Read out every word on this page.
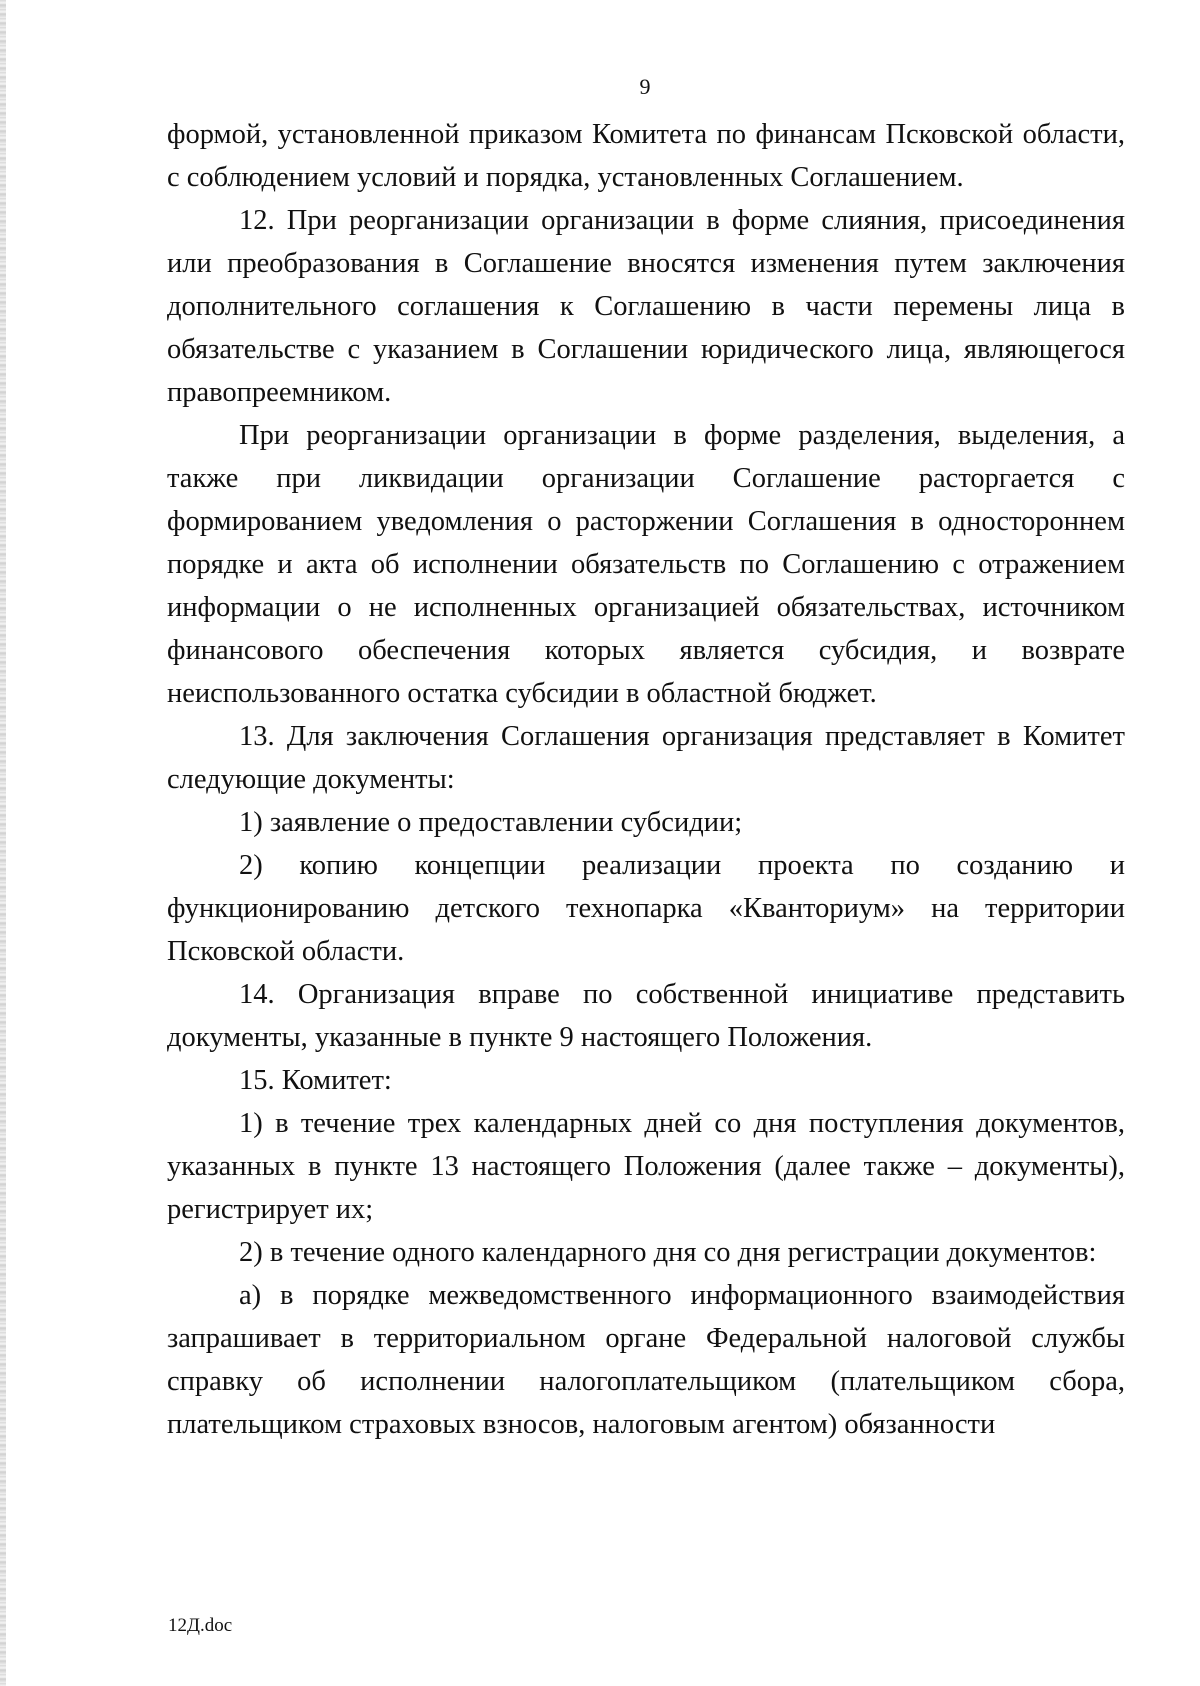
9

формой, установленной приказом Комитета по финансам Псковской области, с соблюдением условий и порядка, установленных Соглашением.

12. При реорганизации организации в форме слияния, присоединения или преобразования в Соглашение вносятся изменения путем заключения дополнительного соглашения к Соглашению в части перемены лица в обязательстве с указанием в Соглашении юридического лица, являющегося правопреемником.

При реорганизации организации в форме разделения, выделения, а также при ликвидации организации Соглашение расторгается с формированием уведомления о расторжении Соглашения в одностороннем порядке и акта об исполнении обязательств по Соглашению с отражением информации о не исполненных организацией обязательствах, источником финансового обеспечения которых является субсидия, и возврате неиспользованного остатка субсидии в областной бюджет.

13. Для заключения Соглашения организация представляет в Комитет следующие документы:

1) заявление о предоставлении субсидии;

2) копию концепции реализации проекта по созданию и функционированию детского технопарка «Кванториум» на территории Псковской области.

14. Организация вправе по собственной инициативе представить документы, указанные в пункте 9 настоящего Положения.

15. Комитет:

1) в течение трех календарных дней со дня поступления документов, указанных в пункте 13 настоящего Положения (далее также – документы), регистрирует их;

2) в течение одного календарного дня со дня регистрации документов:

а) в порядке межведомственного информационного взаимодействия запрашивает в территориальном органе Федеральной налоговой службы справку об исполнении налогоплательщиком (плательщиком сбора, плательщиком страховых взносов, налоговым агентом) обязанности

12Д.doc
